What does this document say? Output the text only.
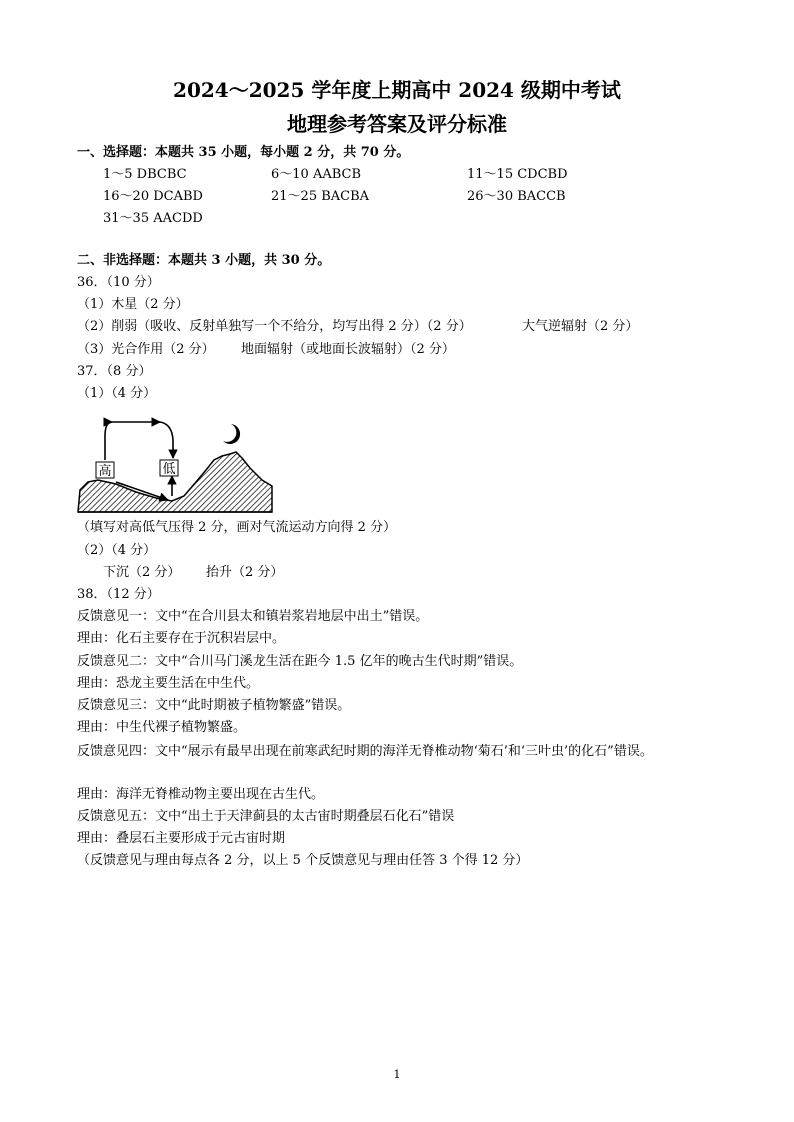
2024～2025 学年度上期高中 2024 级期中考试
地理参考答案及评分标准
一、选择题：本题共 35 小题，每小题 2 分，共 70 分。
1～5 DBCBC	6～10 AABCB	11～15 CDCBD
16～20 DCABD	21～25 BACBA	26～30 BACCB
31～35 AACDD
二、非选择题：本题共 3 小题，共 30 分。
36．（10 分）
（1）木星（2 分）
（2）削弱（吸收、反射单独写一个不给分，均写出得 2 分）（2 分）	大气逆辐射（2 分）
（3）光合作用（2 分） 地面辐射（或地面长波辐射）（2 分）
37．（8 分）
（1）（4 分）
高	低
（填写对高低气压得 2 分，画对气流运动方向得 2 分）
（2）（4 分）
下沉（2 分） 抬升（2 分）
38．（12 分）
反馈意见一：文中“在合川县太和镇岩浆岩地层中出土”错误。
理由：化石主要存在于沉积岩层中。
反馈意见二：文中“合川马门溪龙生活在距今 1.5 亿年的晚古生代时期”错误。
理由：恐龙主要生活在中生代。
反馈意见三：文中“此时期被子植物繁盛”错误。
理由：中生代裸子植物繁盛。
反馈意见四：文中“展示有最早出现在前寒武纪时期的海洋无脊椎动物‘菊石’和‘三叶虫’的化石”错误。
理由：海洋无脊椎动物主要出现在古生代。
反馈意见五：文中“出土于天津蓟县的太古宙时期叠层石化石”错误
理由：叠层石主要形成于元古宙时期
（反馈意见与理由每点各 2 分，以上 5 个反馈意见与理由任答 3 个得 12 分）
1
